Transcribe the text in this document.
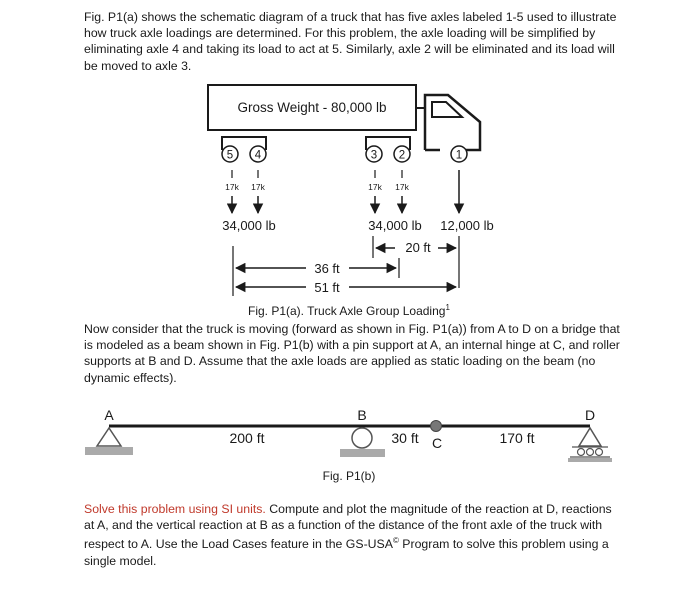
Fig. P1(a) shows the schematic diagram of a truck that has five axles labeled 1-5 used to illustrate how truck axle loadings are determined. For this problem, the axle loading will be simplified by eliminating axle 4 and taking its load to act at 5. Similarly, axle 2 will be eliminated and its load will be moved to axle 3.

Gross Weight - 80,000 lb
5 4	3 2	1
17k 17k	17k 17k
34,000 lb	34,000 lb 12,000 lb
20 ft
36 ft
51 ft
Fig. P1(a). Truck Axle Group Loading$^1$
A	B	D
C
200 ft	30 ft	170 ft
Fig. P1(b)

Now consider that the truck is moving (forward as shown in Fig. P1(a)) from A to D on a bridge that is modeled as a beam shown in Fig. P1(b) with a pin support at A, an internal hinge at C, and roller supports at B and D. Assume that the axle loads are applied as static loading on the beam (no dynamic effects).

Solve this problem using SI units. Compute and plot the magnitude of the reaction at D, reactions at A, and the vertical reaction at B as a function of the distance of the front axle of the truck with respect to A. Use the Load Cases feature in the GS-USA© Program to solve this problem using a single model.
